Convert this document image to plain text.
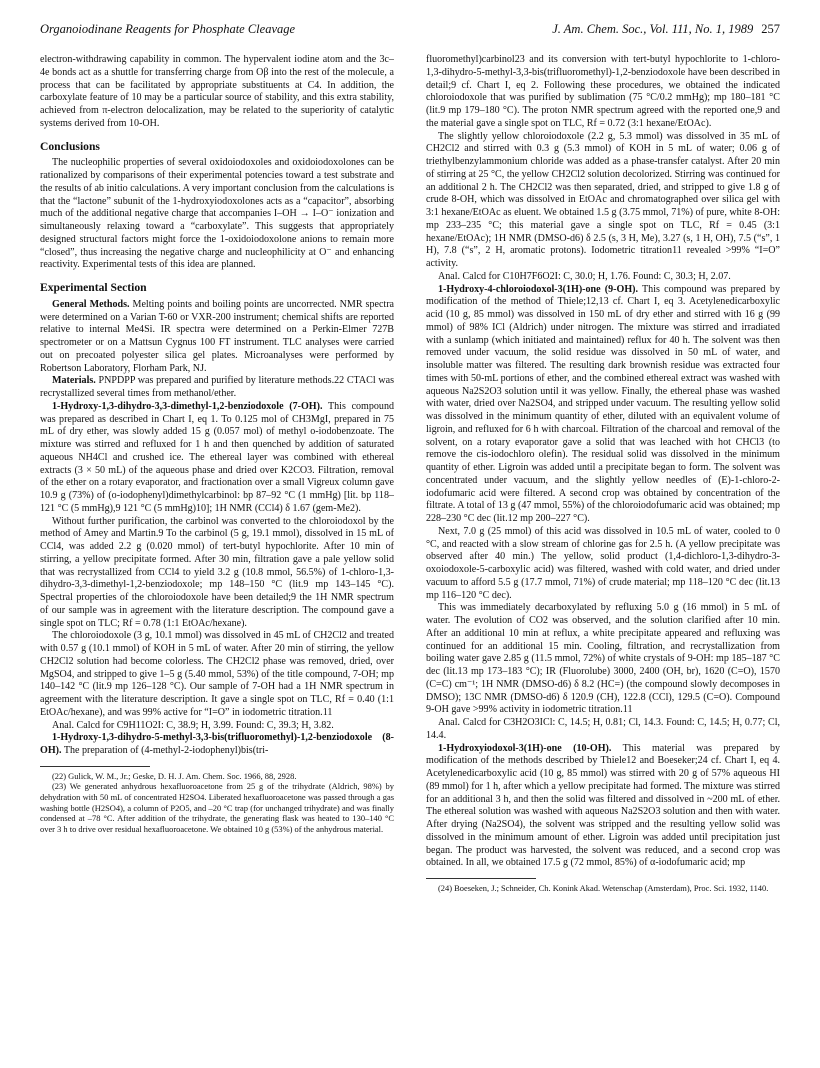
Organoiodinane Reagents for Phosphate Cleavage	J. Am. Chem. Soc., Vol. 111, No. 1, 1989 257

electron-withdrawing capability in common. The hypervalent iodine atom and the 3c–4e bonds act as a shuttle for transferring charge from Oβ into the rest of the molecule, a process that can be facilitated by appropriate substituents at C4. In addition, the carboxylate feature of 10 may be a particular source of stability, and this extra stability, achieved from π-electron delocalization, may be related to the superiority of catalytic systems derived from 10-OH.

Conclusions

The nucleophilic properties of several oxidoiodoxoles and oxidoiodoxolones can be rationalized by comparisons of their experimental potencies toward a test substrate and the results of ab initio calculations. A very important conclusion from the calculations is that the “lactone” subunit of the 1-hydroxyiodoxolones acts as a “capacitor”, absorbing much of the additional negative charge that accompanies I–OH → I–O⁻ ionization and simultaneously relaxing toward a “carboxylate”. This suggests that appropriately designed structural factors might force the 1-oxidoiodoxolone anions to remain more “closed”, thus increasing the negative charge and nucleophilicity at O⁻ and enhancing reactivity. Experimental tests of this idea are planned.

Experimental Section

General Methods. Melting points and boiling points are uncorrected. NMR spectra were determined on a Varian T-60 or VXR-200 instrument; chemical shifts are reported relative to internal Me4Si. IR spectra were determined on a Perkin-Elmer 727B spectrometer or on a Mattsun Cygnus 100 FT instrument. TLC analyses were carried out on precoated polyester silica gel plates. Microanalyses were performed by Robertson Laboratory, Florham Park, NJ.

Materials. PNPDPP was prepared and purified by literature methods.22 CTACl was recrystallized several times from methanol/ether.

1-Hydroxy-1,3-dihydro-3,3-dimethyl-1,2-benziodoxole (7-OH). This compound was prepared as described in Chart I, eq 1. To 0.125 mol of CH3MgI, prepared in 75 mL of dry ether, was slowly added 15 g (0.057 mol) of methyl o-iodobenzoate. The mixture was stirred and refluxed for 1 h and then quenched by addition of saturated aqueous NH4Cl and crushed ice. The ethereal layer was combined with ethereal extracts (3 × 50 mL) of the aqueous phase and dried over K2CO3. Filtration, removal of the ether on a rotary evaporator, and fractionation over a small Vigreux column gave 10.9 g (73%) of (o-iodophenyl)dimethylcarbinol: bp 87–92 °C (1 mmHg) [lit. bp 118–121 °C (5 mmHg),9 121 °C (5 mmHg)10]; 1H NMR (CCl4) δ 1.67 (gem-Me2).

Without further purification, the carbinol was converted to the chloroiodoxol by the method of Amey and Martin.9 To the carbinol (5 g, 19.1 mmol), dissolved in 15 mL of CCl4, was added 2.2 g (0.020 mmol) of tert-butyl hypochlorite. After 10 min of stirring, a yellow precipitate formed. After 30 min, filtration gave a pale yellow solid that was recrystallized from CCl4 to yield 3.2 g (10.8 mmol, 56.5%) of 1-chloro-1,3-dihydro-3,3-dimethyl-1,2-benziodoxole; mp 148–150 °C (lit.9 mp 143–145 °C). Spectral properties of the chloroiodoxole have been detailed;9 the 1H NMR spectrum of our sample was in agreement with the literature description. The compound gave a single spot on TLC; Rf = 0.78 (1:1 EtOAc/hexane).

The chloroiodoxole (3 g, 10.1 mmol) was dissolved in 45 mL of CH2Cl2 and treated with 0.57 g (10.1 mmol) of KOH in 5 mL of water. After 20 min of stirring, the yellow CH2Cl2 solution had become colorless. The CH2Cl2 phase was removed, dried, over MgSO4, and stripped to give 1–5 g (5.40 mmol, 53%) of the title compound, 7-OH; mp 140–142 °C (lit.9 mp 126–128 °C). Our sample of 7-OH had a 1H NMR spectrum in agreement with the literature description. It gave a single spot on TLC, Rf = 0.40 (1:1 EtOAc/hexane), and was 99% active for “I=O” in iodometric titration.11

Anal. Calcd for C9H11O2I: C, 38.9; H, 3.99. Found: C, 39.3; H, 3.82.

1-Hydroxy-1,3-dihydro-5-methyl-3,3-bis(trifluoromethyl)-1,2-benziodoxole (8-OH). The preparation of (4-methyl-2-iodophenyl)bis(tri-

(22) Gulick, W. M., Jr.; Geske, D. H. J. Am. Chem. Soc. 1966, 88, 2928.

(23) We generated anhydrous hexafluoroacetone from 25 g of the trihydrate (Aldrich, 98%) by dehydration with 50 mL of concentrated H2SO4. Liberated hexafluoroacetone was passed through a gas washing bottle (H2SO4), a column of P2O5, and –20 °C trap (for unchanged trihydrate) and was finally condensed at –78 °C. After addition of the trihydrate, the generating flask was heated to 130–140 °C over 3 h to drive over residual hexafluoroacetone. We obtained 10 g (53%) of the anhydrous material.

fluoromethyl)carbinol23 and its conversion with tert-butyl hypochlorite to 1-chloro-1,3-dihydro-5-methyl-3,3-bis(trifluoromethyl)-1,2-benziodoxole have been described in detail;9 cf. Chart I, eq 2. Following these procedures, we obtained the indicated chloroiodoxole that was purified by sublimation (75 °C/0.2 mmHg); mp 180–181 °C (lit.9 mp 179–180 °C). The proton NMR spectrum agreed with the reported one,9 and the material gave a single spot on TLC, Rf = 0.72 (3:1 hexane/EtOAc).

The slightly yellow chloroiodoxole (2.2 g, 5.3 mmol) was dissolved in 35 mL of CH2Cl2 and stirred with 0.3 g (5.3 mmol) of KOH in 5 mL of water; 0.06 g of triethylbenzylammonium chloride was added as a phase-transfer catalyst. After 20 min of stirring at 25 °C, the yellow CH2Cl2 solution decolorized. Stirring was continued for an additional 2 h. The CH2Cl2 was then separated, dried, and stripped to give 1.8 g of crude 8-OH, which was dissolved in EtOAc and chromatographed over silica gel with 3:1 hexane/EtOAc as eluent. We obtained 1.5 g (3.75 mmol, 71%) of pure, white 8-OH: mp 233–235 °C; this material gave a single spot on TLC, Rf = 0.45 (3:1 hexane/EtOAc); 1H NMR (DMSO-d6) δ 2.5 (s, 3 H, Me), 3.27 (s, 1 H, OH), 7.5 (“s”, 1 H), 7.8 (“s”, 2 H, aromatic protons). Iodometric titration11 revealed >99% “I=O” activity.

Anal. Calcd for C10H7F6O2I: C, 30.0; H, 1.76. Found: C, 30.3; H, 2.07.

1-Hydroxy-4-chloroiodoxol-3(1H)-one (9-OH). This compound was prepared by modification of the method of Thiele;12,13 cf. Chart I, eq 3. Acetylenedicarboxylic acid (10 g, 85 mmol) was dissolved in 150 mL of dry ether and stirred with 16 g (99 mmol) of 98% ICl (Aldrich) under nitrogen. The mixture was stirred and irradiated with a sunlamp (which initiated and maintained) reflux for 40 h. The solvent was then removed under vacuum, the solid residue was dissolved in 50 mL of water, and insoluble matter was filtered. The resulting dark brownish residue was extracted four times with 50-mL portions of ether, and the combined ethereal extract was washed with aqueous Na2S2O3 solution until it was yellow. Finally, the ethereal phase was washed with water, dried over Na2SO4, and stripped under vacuum. The resulting yellow solid was dissolved in the minimum quantity of ether, diluted with an equivalent volume of ligroin, and refluxed for 6 h with charcoal. Filtration of the charcoal and removal of the solvent, on a rotary evaporator gave a solid that was leached with hot CHCl3 (to remove the cis-iodochloro olefin). The residual solid was dissolved in the minimum quantity of ether. Ligroin was added until a precipitate began to form. The solvent was concentrated under vacuum, and the slightly yellow needles of (E)-1-chloro-2-iodofumaric acid were filtered. A second crop was obtained by concentration of the filtrate. A total of 13 g (47 mmol, 55%) of the chloroiodofumaric acid was obtained; mp 228–230 °C dec (lit.12 mp 200–227 °C).

Next, 7.0 g (25 mmol) of this acid was dissolved in 10.5 mL of water, cooled to 0 °C, and reacted with a slow stream of chlorine gas for 2.5 h. (A yellow precipitate was observed after 40 min.) The yellow, solid product (1,4-dichloro-1,3-dihydro-3-oxoiodoxole-5-carboxylic acid) was filtered, washed with cold water, and dried under vacuum to afford 5.5 g (17.7 mmol, 71%) of crude material; mp 118–120 °C dec (lit.13 mp 116–120 °C dec).

This was immediately decarboxylated by refluxing 5.0 g (16 mmol) in 5 mL of water. The evolution of CO2 was observed, and the solution clarified after 10 min. After an additional 10 min at reflux, a white precipitate appeared and refluxing was continued for an additional 15 min. Cooling, filtration, and recrystallization from boiling water gave 2.85 g (11.5 mmol, 72%) of white crystals of 9-OH: mp 185–187 °C dec (lit.13 mp 173–183 °C); IR (Fluorolube) 3000, 2400 (OH, br), 1620 (C=O), 1570 (C=C) cm⁻¹; 1H NMR (DMSO-d6) δ 8.2 (HC=) (the compound slowly decomposes in DMSO); 13C NMR (DMSO-d6) δ 120.9 (CH), 122.8 (CCl), 129.5 (C=O). Compound 9-OH gave >99% activity in iodometric titration.11

Anal. Calcd for C3H2O3ICl: C, 14.5; H, 0.81; Cl, 14.3. Found: C, 14.5; H, 0.77; Cl, 14.4.

1-Hydroxyiodoxol-3(1H)-one (10-OH). This material was prepared by modification of the methods described by Thiele12 and Boeseker;24 cf. Chart I, eq 4. Acetylenedicarboxylic acid (10 g, 85 mmol) was stirred with 20 g of 57% aqueous HI (89 mmol) for 1 h, after which a yellow precipitate had formed. The mixture was stirred for an additional 3 h, and then the solid was filtered and dissolved in ~200 mL of ether. The ethereal solution was washed with aqueous Na2S2O3 solution and then with water. After drying (Na2SO4), the solvent was stripped and the resulting yellow solid was dissolved in the minimum amount of ether. Ligroin was added until precipitation just began. The product was harvested, the solvent was reduced, and a second crop was obtained. In all, we obtained 17.5 g (72 mmol, 85%) of α-iodofumaric acid; mp

(24) Boeseken, J.; Schneider, Ch. Konink Akad. Wetenschap (Amsterdam), Proc. Sci. 1932, 1140.
